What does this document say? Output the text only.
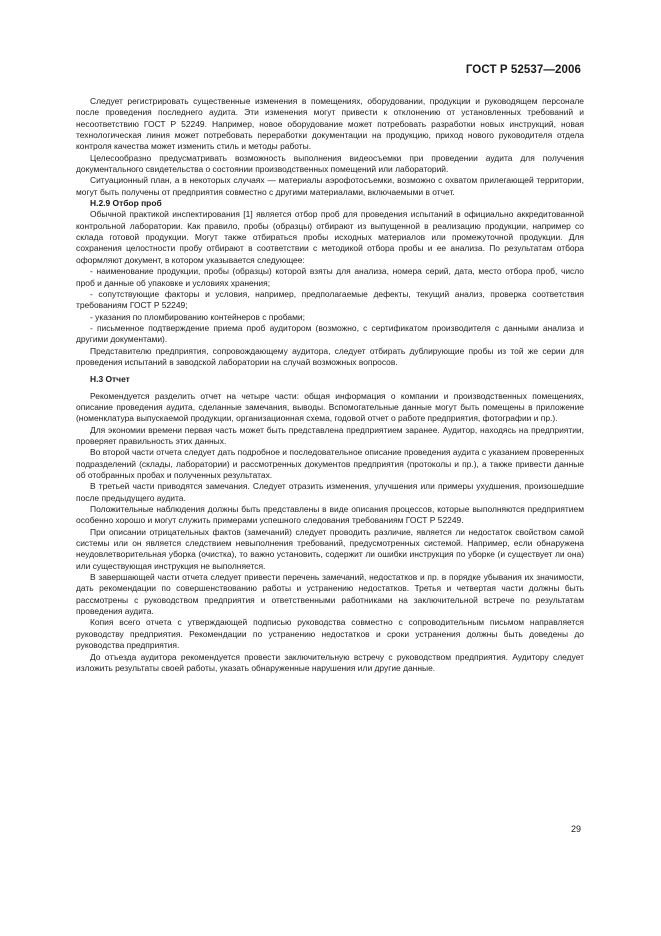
ГОСТ Р 52537—2006

Следует регистрировать существенные изменения в помещениях, оборудовании, продукции и руководящем персонале после проведения последнего аудита. Эти изменения могут привести к отклонению от установленных требований и несоответствию ГОСТ Р 52249. Например, новое оборудование может потребовать разработки новых инструкций, новая технологическая линия может потребовать переработки документации на продукцию, приход нового руководителя отдела контроля качества может изменить стиль и методы работы.

Целесообразно предусматривать возможность выполнения видеосъемки при проведении аудита для получения документального свидетельства о состоянии производственных помещений или лабораторий.

Ситуационный план, а в некоторых случаях — материалы аэрофотосъемки, возможно с охватом прилегающей территории, могут быть получены от предприятия совместно с другими материалами, включаемыми в отчет.

Н.2.9 Отбор проб

Обычной практикой инспектирования [1] является отбор проб для проведения испытаний в официально аккредитованной контрольной лаборатории. Как правило, пробы (образцы) отбирают из выпущенной в реализацию продукции, например со склада готовой продукции. Могут также отбираться пробы исходных материалов или промежуточной продукции. Для сохранения целостности пробу отбирают в соответствии с методикой отбора пробы и ее анализа. По результатам отбора оформляют документ, в котором указывается следующее:

- наименование продукции, пробы (образцы) которой взяты для анализа, номера серий, дата, место отбора проб, число проб и данные об упаковке и условиях хранения;

- сопутствующие факторы и условия, например, предполагаемые дефекты, текущий анализ, проверка соответствия требованиям ГОСТ Р 52249;

- указания по пломбированию контейнеров с пробами;

- письменное подтверждение приема проб аудитором (возможно, с сертификатом производителя с данными анализа и другими документами).

Представителю предприятия, сопровождающему аудитора, следует отбирать дублирующие пробы из той же серии для проведения испытаний в заводской лаборатории на случай возможных вопросов.

Н.3 Отчет

Рекомендуется разделить отчет на четыре части: общая информация о компании и производственных помещениях, описание проведения аудита, сделанные замечания, выводы. Вспомогательные данные могут быть помещены в приложение (номенклатура выпускаемой продукции, организационная схема, годовой отчет о работе предприятия, фотографии и пр.).

Для экономии времени первая часть может быть представлена предприятием заранее. Аудитор, находясь на предприятии, проверяет правильность этих данных.

Во второй части отчета следует дать подробное и последовательное описание проведения аудита с указанием проверенных подразделений (склады, лаборатории) и рассмотренных документов предприятия (протоколы и пр.), а также привести данные об отобранных пробах и полученных результатах.

В третьей части приводятся замечания. Следует отразить изменения, улучшения или примеры ухудшения, произошедшие после предыдущего аудита.

Положительные наблюдения должны быть представлены в виде описания процессов, которые выполняются предприятием особенно хорошо и могут служить примерами успешного следования требованиям ГОСТ Р 52249.

При описании отрицательных фактов (замечаний) следует проводить различие, является ли недостаток свойством самой системы или он является следствием невыполнения требований, предусмотренных системой. Например, если обнаружена неудовлетворительная уборка (очистка), то важно установить, содержит ли ошибки инструкция по уборке (и существует ли она) или существующая инструкция не выполняется.

В завершающей части отчета следует привести перечень замечаний, недостатков и пр. в порядке убывания их значимости, дать рекомендации по совершенствованию работы и устранению недостатков. Третья и четвертая части должны быть рассмотрены с руководством предприятия и ответственными работниками на заключительной встрече по результатам проведения аудита.

Копия всего отчета с утверждающей подписью руководства совместно с сопроводительным письмом направляется руководству предприятия. Рекомендации по устранению недостатков и сроки устранения должны быть доведены до руководства предприятия.

До отъезда аудитора рекомендуется провести заключительную встречу с руководством предприятия. Аудитору следует изложить результаты своей работы, указать обнаруженные нарушения или другие данные.

29
